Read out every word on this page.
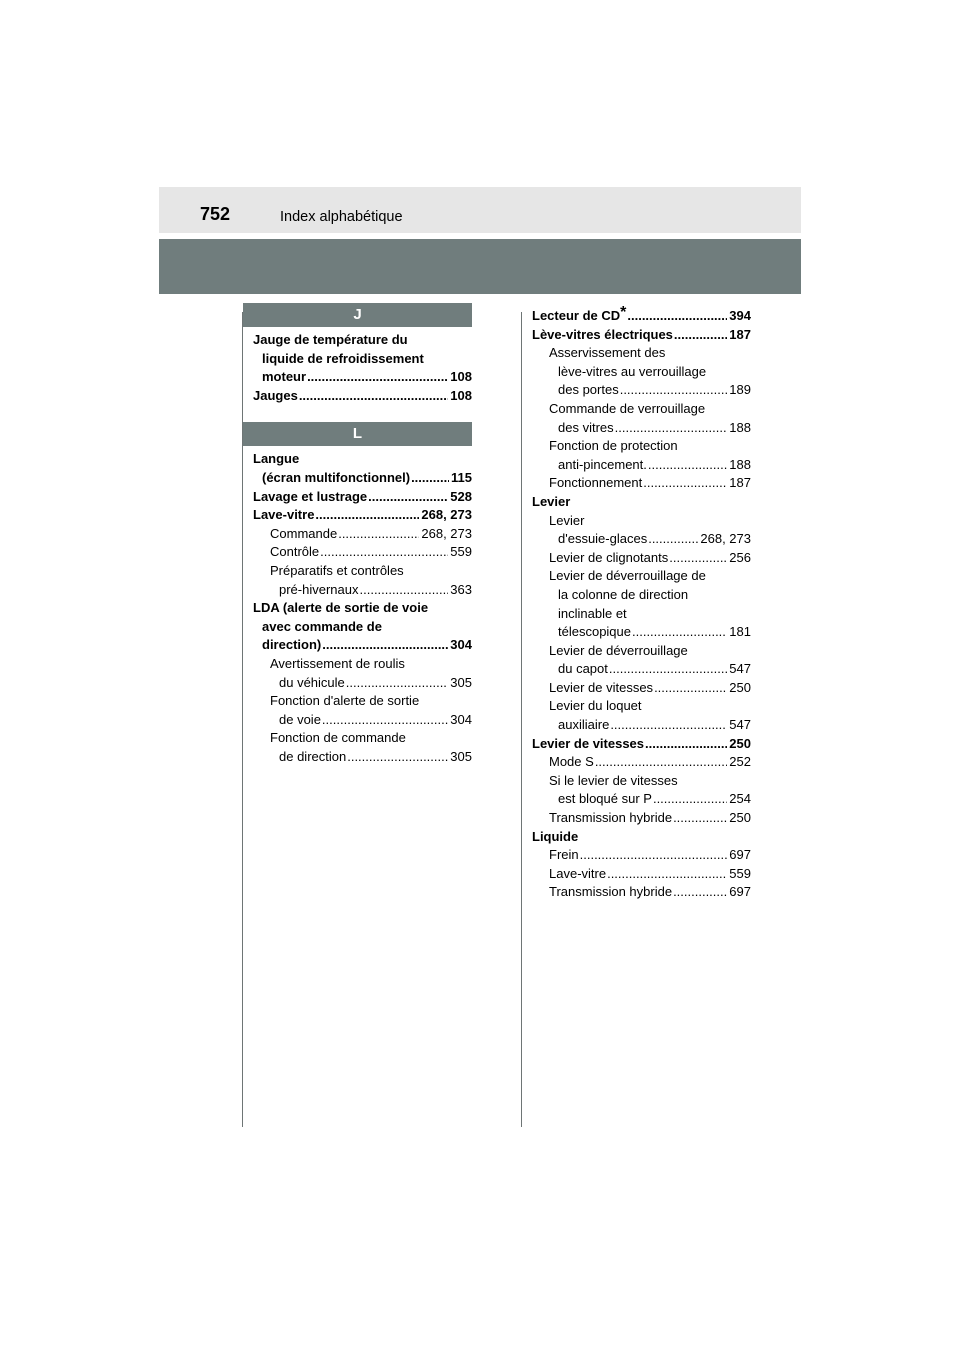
752	Index alphabétique
J
Jauge de température du
liquide de refroidissement
moteur .....	108
Jauges .....	108
L
Langue
(écran multifonctionnel) .....	115
Lavage et lustrage .....	528
Lave-vitre .....	268, 273
Commande .....	268, 273
Contrôle .....	559
Préparatifs et contrôles
pré-hivernaux .....	363
LDA (alerte de sortie de voie
avec commande de
direction) .....	304
Avertissement de roulis
du véhicule .....	305
Fonction d'alerte de sortie
de voie .....	304
Fonction de commande
de direction .....	305
Lecteur de CD* .....	394
Lève-vitres électriques .....	187
Asservissement des
lève-vitres au verrouillage
des portes .....	189
Commande de verrouillage
des vitres .....	188
Fonction de protection
anti-pincement. .....	188
Fonctionnement .....	187
Levier
Levier
d'essuie-glaces .....	268, 273
Levier de clignotants .....	256
Levier de déverrouillage de
la colonne de direction
inclinable et
télescopique .....	181
Levier de déverrouillage
du capot .....	547
Levier de vitesses .....	250
Levier du loquet
auxiliaire .....	547
Levier de vitesses .....	250
Mode S .....	252
Si le levier de vitesses
est bloqué sur P .....	254
Transmission hybride .....	250
Liquide
Frein .....	697
Lave-vitre .....	559
Transmission hybride .....	697
